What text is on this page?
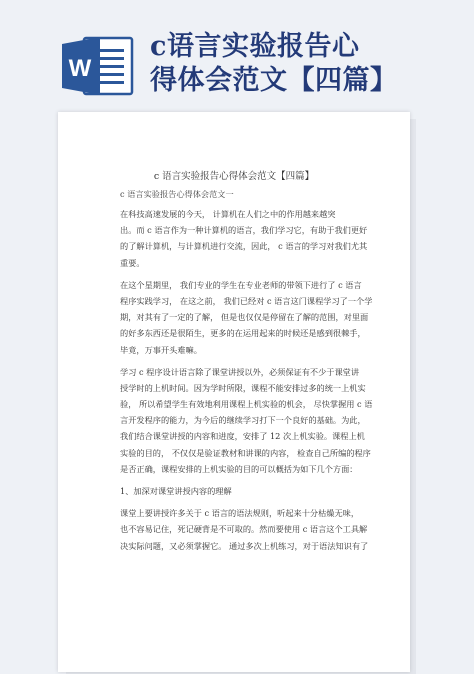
W
c语言实验报告心
得体会范文【四篇】
c 语言实验报告心得体会范文【四篇】
c 语言实验报告心得体会范文一
在科技高速发展的今天， 计算机在人们之中的作用越来越突
出。而 c 语言作为一种计算机的语言，我们学习它，有助于我们更好
的了解计算机，与计算机进行交流，因此， c 语言的学习对我们尤其
重要。
在这个星期里， 我们专业的学生在专业老师的带领下进行了 c 语言
程序实践学习， 在这之前， 我们已经对 c 语言这门课程学习了一个学
期，对其有了一定的了解， 但是也仅仅是停留在了解的范围，对里面
的好多东西还是很陌生，更多的在运用起来的时候还是感到很棘手，
毕竟，万事开头难嘛。
学习 c 程序设计语言除了课堂讲授以外，必须保证有不少于课堂讲
授学时的上机时间。因为学时所限，课程不能安排过多的统一上机实
验， 所以希望学生有效地利用课程上机实验的机会， 尽快掌握用 c 语
言开发程序的能力，为今后的继续学习打下一个良好的基础。为此，
我们结合课堂讲授的内容和进度，安排了 12 次上机实验。课程上机
实验的目的， 不仅仅是验证教材和讲课的内容， 检查自己所编的程序
是否正确，课程安排的上机实验的目的可以概括为如下几个方面：
1、加深对课堂讲授内容的理解
课堂上要讲授许多关于 c 语言的语法规则，听起来十分枯燥无味，
也不容易记住，死记硬背是不可取的。然而要使用 c 语言这个工具解
决实际问题，又必须掌握它。 通过多次上机练习，对于语法知识有了
